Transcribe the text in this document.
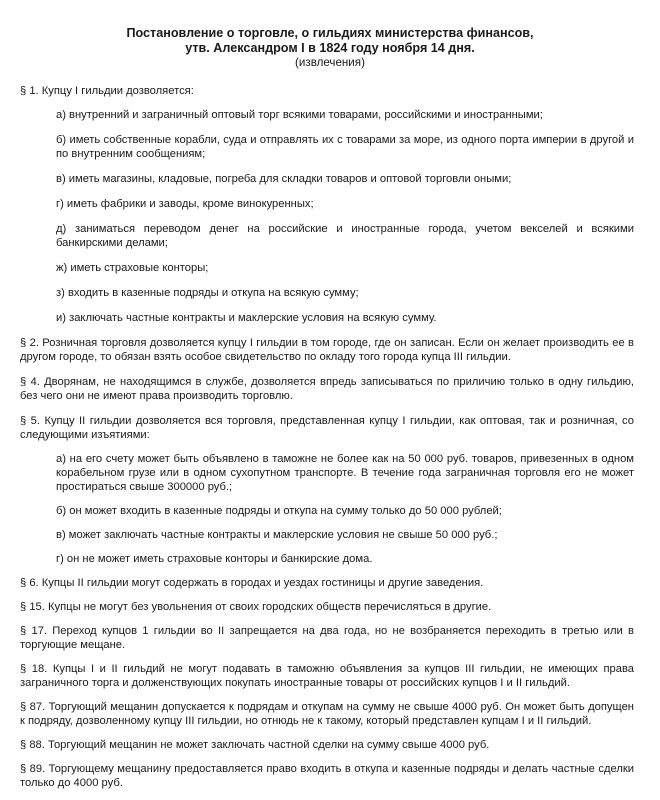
Постановление о торговле, о гильдиях министерства финансов,
утв. Александром I в 1824 году ноября 14 дня.
(извлечения)

§ 1. Купцу I гильдии дозволяется:

а) внутренний и заграничный оптовый торг всякими товарами, российскими и иностранными;

б) иметь собственные корабли, суда и отправлять их с товарами за море, из одного порта империи в другой и по внутренним сообщениям;

в) иметь магазины, кладовые, погреба для складки товаров и оптовой торговли оными;

г) иметь фабрики и заводы, кроме винокуренных;

д) заниматься переводом денег на российские и иностранные города, учетом векселей и всякими банкирскими делами;

ж) иметь страховые конторы;

з) входить в казенные подряды и откупа на всякую сумму;

и) заключать частные контракты и маклерские условия на всякую сумму.

§ 2. Розничная торговля дозволяется купцу I гильдии в том городе, где он записан. Если он желает производить ее в другом городе, то обязан взять особое свидетельство по окладу того города купца III гильдии.

§ 4. Дворянам, не находящимся в службе, дозволяется впредь записываться по приличию только в одну гильдию, без чего они не имеют права производить торговлю.

§ 5. Купцу II гильдии дозволяется вся торговля, представленная купцу I гильдии, как оптовая, так и розничная, со следующими изъятиями:

а) на его счету может быть объявлено в таможне не более как на 50 000 руб. товаров, привезенных в одном корабельном грузе или в одном сухопутном транспорте. В течение года заграничная торговля его не может простираться свыше 300000 руб.;

б) он может входить в казенные подряды и откупа на сумму только до 50 000 рублей;

в) может заключать частные контракты и маклерские условия не свыше 50 000 руб.;

г) он не может иметь страховые конторы и банкирские дома.

§ 6. Купцы II гильдии могут содержать в городах и уездах гостиницы и другие заведения.

§ 15. Купцы не могут без увольнения от своих городских обществ перечисляться в другие.

§ 17. Переход купцов 1 гильдии во II запрещается на два года, но не возбраняется переходить в третью или в торгующие мещане.

§ 18. Купцы I и II гильдий не могут подавать в таможню объявления за купцов III гильдии, не имеющих права заграничного торга и долженствующих покупать иностранные товары от российских купцов I и II гильдий.

§ 87. Торгующий мещанин допускается к подрядам и откупам на сумму не свыше 4000 руб. Он может быть допущен к подряду, дозволенному купцу III гильдии, но отнюдь не к такому, который представлен купцам I и II гильдий.

§ 88. Торгующий мещанин не может заключать частной сделки на сумму свыше 4000 руб.

§ 89. Торгующему мещанину предоставляется право входить в откупа и казенные подряды и делать частные сделки только до 4000 руб.
